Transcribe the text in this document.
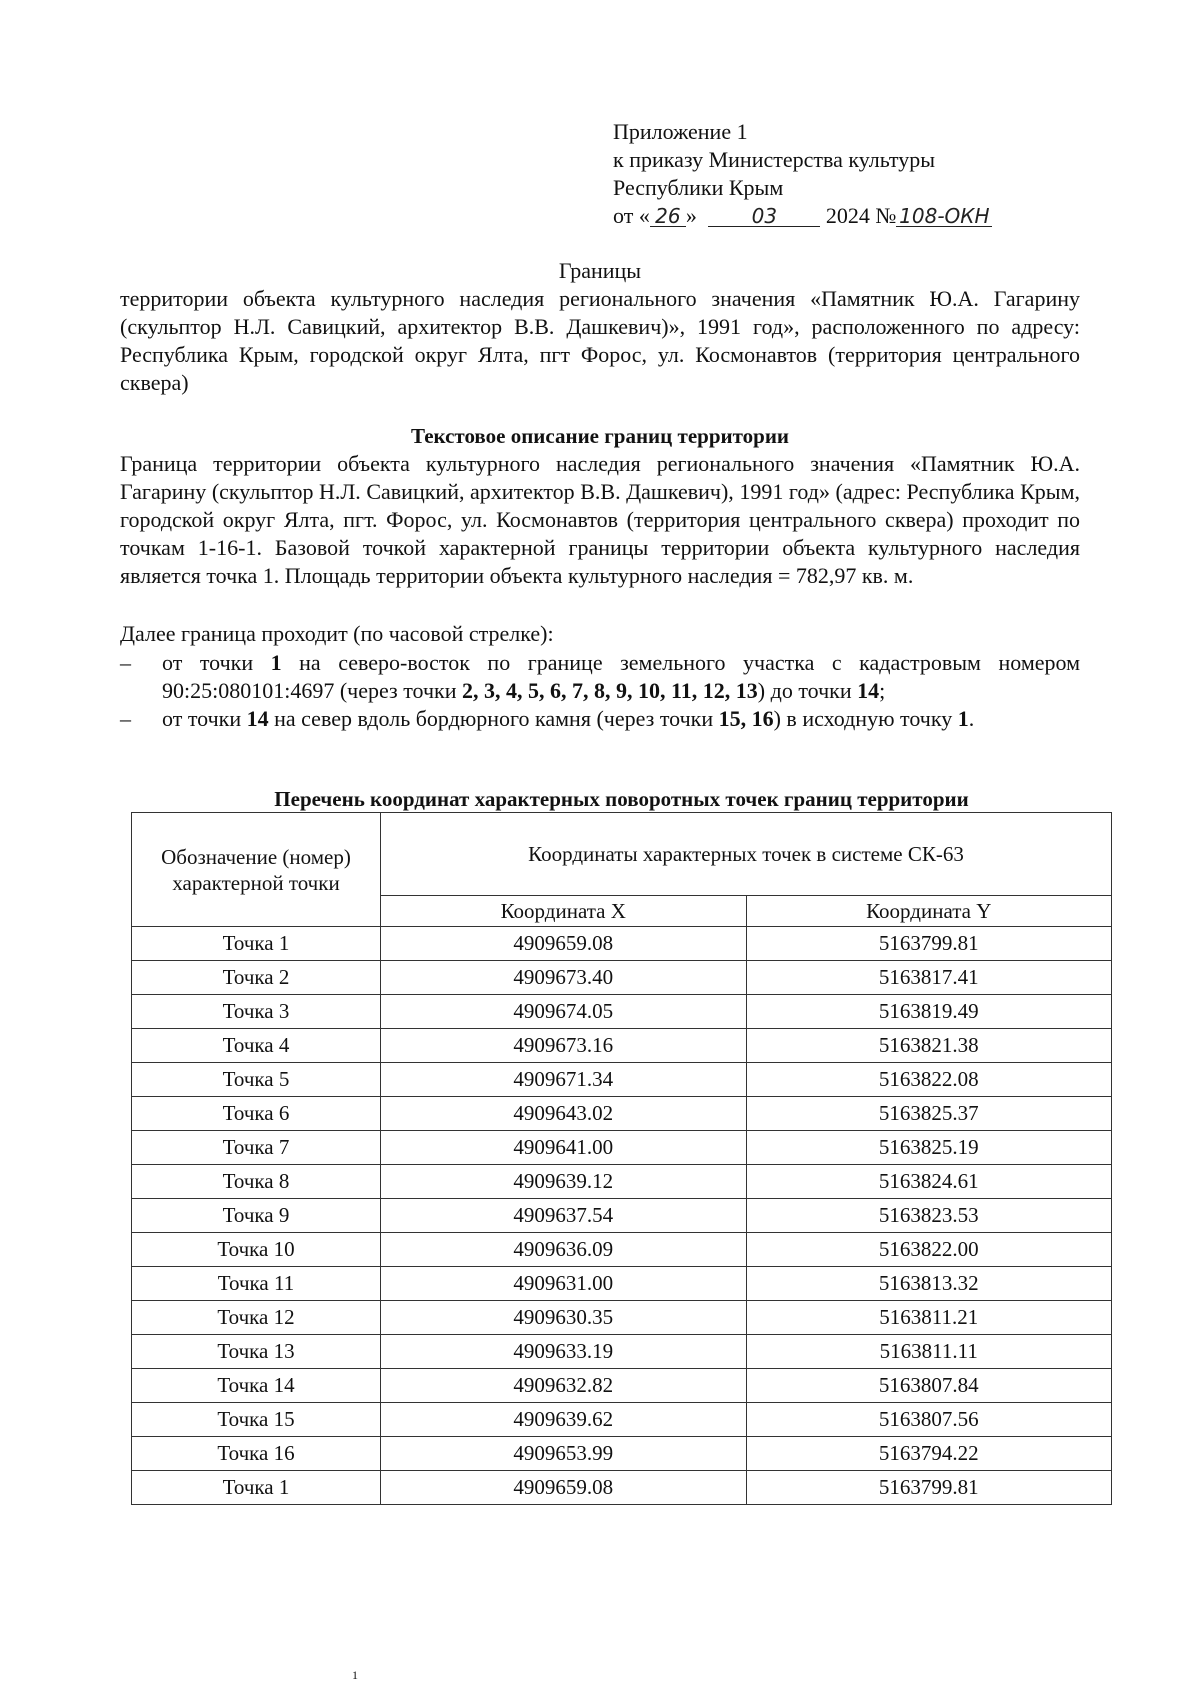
Приложение 1
к приказу Министерства культуры
Республики Крым
от « 26 »	03 2024 № 108-ОКН
Границы
территории объекта культурного наследия регионального значения «Памятник Ю.А. Гагарину (скульптор Н.Л. Савицкий, архитектор В.В. Дашкевич)», 1991 год», расположенного по адресу: Республика Крым, городской округ Ялта, пгт Форос, ул. Космонавтов (территория центрального сквера)
Текстовое описание границ территории
Граница территории объекта культурного наследия регионального значения «Памятник Ю.А. Гагарину (скульптор Н.Л. Савицкий, архитектор В.В. Дашкевич), 1991 год» (адрес: Республика Крым, городской округ Ялта, пгт. Форос, ул. Космонавтов (территория центрального сквера) проходит по точкам 1-16-1. Базовой точкой характерной границы территории объекта культурного наследия является точка 1. Площадь территории объекта культурного наследия = 782,97 кв. м.
Далее граница проходит (по часовой стрелке):
– от точки 1 на северо-восток по границе земельного участка с кадастровым номером 90:25:080101:4697 (через точки 2, 3, 4, 5, 6, 7, 8, 9, 10, 11, 12, 13) до точки 14;
– от точки 14 на север вдоль бордюрного камня (через точки 15, 16) в исходную точку 1.
Перечень координат характерных поворотных точек границ территории
Обозначение (номер) характерной точки	Координаты характерных точек в системе СК-63	
	Координата X	Координата Y
Точка 1	4909659.08	5163799.81
Точка 2	4909673.40	5163817.41
Точка 3	4909674.05	5163819.49
Точка 4	4909673.16	5163821.38
Точка 5	4909671.34	5163822.08
Точка 6	4909643.02	5163825.37
Точка 7	4909641.00	5163825.19
Точка 8	4909639.12	5163824.61
Точка 9	4909637.54	5163823.53
Точка 10	4909636.09	5163822.00
Точка 11	4909631.00	5163813.32
Точка 12	4909630.35	5163811.21
Точка 13	4909633.19	5163811.11
Точка 14	4909632.82	5163807.84
Точка 15	4909639.62	5163807.56
Точка 16	4909653.99	5163794.22
Точка 1	4909659.08	5163799.81
1
